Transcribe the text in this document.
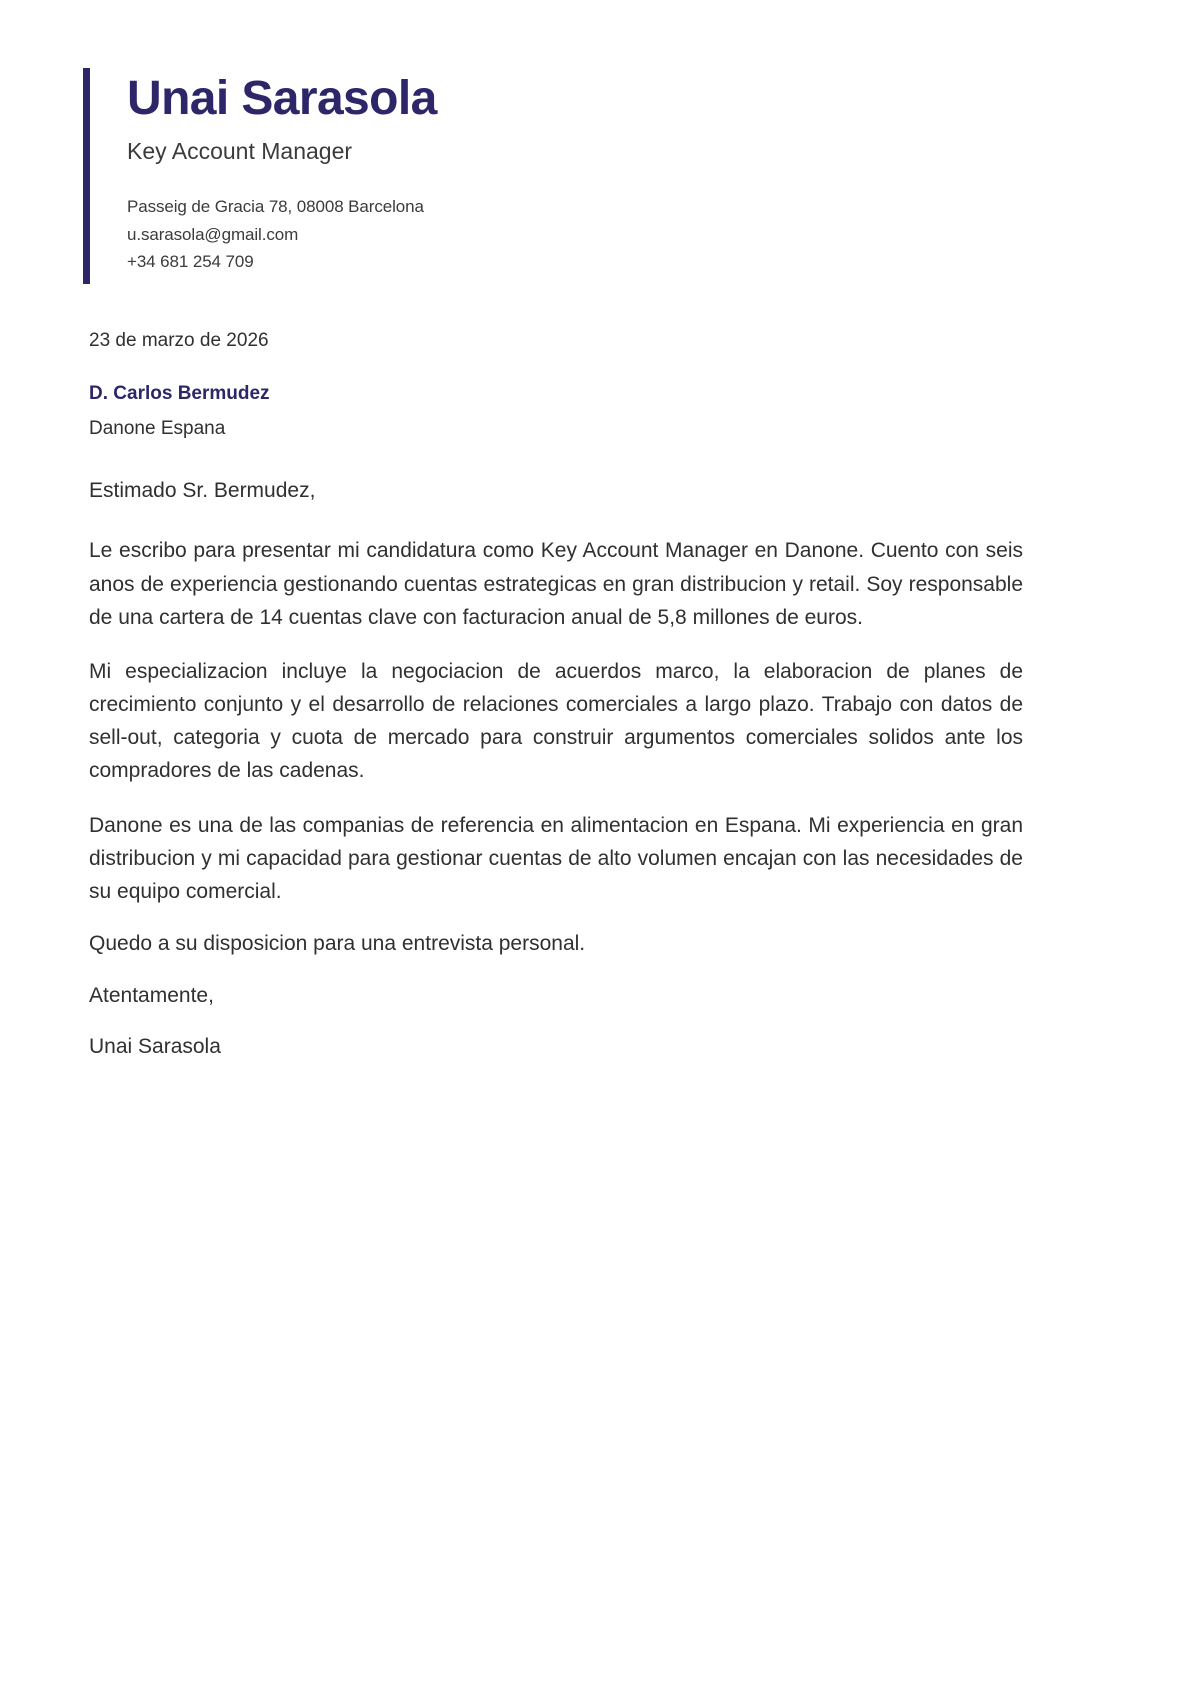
Unai Sarasola
Key Account Manager
Passeig de Gracia 78, 08008 Barcelona
u.sarasola@gmail.com
+34 681 254 709
23 de marzo de 2026
D. Carlos Bermudez
Danone Espana
Estimado Sr. Bermudez,

Le escribo para presentar mi candidatura como Key Account Manager en Danone. Cuento con seis anos de experiencia gestionando cuentas estrategicas en gran distribucion y retail. Soy responsable de una cartera de 14 cuentas clave con facturacion anual de 5,8 millones de euros.

Mi especializacion incluye la negociacion de acuerdos marco, la elaboracion de planes de crecimiento conjunto y el desarrollo de relaciones comerciales a largo plazo. Trabajo con datos de sell-out, categoria y cuota de mercado para construir argumentos comerciales solidos ante los compradores de las cadenas.

Danone es una de las companias de referencia en alimentacion en Espana. Mi experiencia en gran distribucion y mi capacidad para gestionar cuentas de alto volumen encajan con las necesidades de su equipo comercial.

Quedo a su disposicion para una entrevista personal.

Atentamente,

Unai Sarasola
